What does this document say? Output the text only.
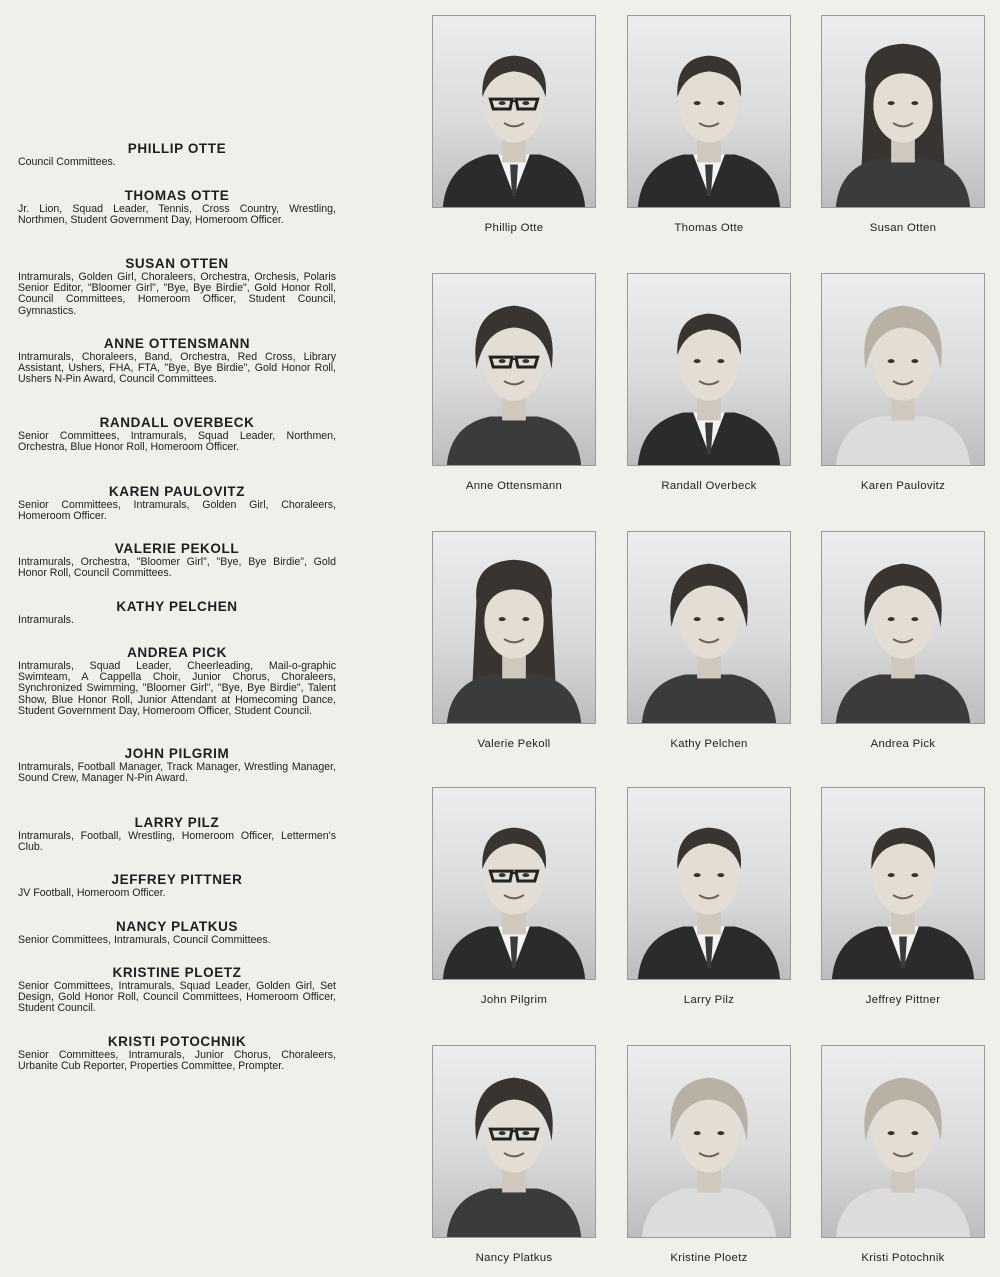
PHILLIP OTTE
Council Committees.
THOMAS OTTE
Jr. Lion, Squad Leader, Tennis, Cross Country, Wrestling, Northmen, Student Government Day, Homeroom Officer.
SUSAN OTTEN
Intramurals, Golden Girl, Choraleers, Orchestra, Orchesis, Polaris Senior Editor, "Bloomer Girl", "Bye, Bye Birdie", Gold Honor Roll, Council Committees, Homeroom Officer, Student Council, Gymnastics.
ANNE OTTENSMANN
Intramurals, Choraleers, Band, Orchestra, Red Cross, Library Assistant, Ushers, FHA, FTA, "Bye, Bye Birdie", Gold Honor Roll, Ushers N-Pin Award, Council Committees.
RANDALL OVERBECK
Senior Committees, Intramurals, Squad Leader, Northmen, Orchestra, Blue Honor Roll, Homeroom Officer.
KAREN PAULOVITZ
Senior Committees, Intramurals, Golden Girl, Choraleers, Homeroom Officer.
VALERIE PEKOLL
Intramurals, Orchestra, "Bloomer Girl", "Bye, Bye Birdie", Gold Honor Roll, Council Committees.
KATHY PELCHEN
Intramurals.
ANDREA PICK
Intramurals, Squad Leader, Cheerleading, Mail-o-graphic Swimteam, A Cappella Choir, Junior Chorus, Choraleers, Synchronized Swimming, "Bloomer Girl", "Bye, Bye Birdie", Talent Show, Blue Honor Roll, Junior Attendant at Homecoming Dance, Student Government Day, Homeroom Officer, Student Council.
JOHN PILGRIM
Intramurals, Football Manager, Track Manager, Wrestling Manager, Sound Crew, Manager N-Pin Award.
LARRY PILZ
Intramurals, Football, Wrestling, Homeroom Officer, Lettermen's Club.
JEFFREY PITTNER
JV Football, Homeroom Officer.
NANCY PLATKUS
Senior Committees, Intramurals, Council Committees.
KRISTINE PLOETZ
Senior Committees, Intramurals, Squad Leader, Golden Girl, Set Design, Gold Honor Roll, Council Committees, Homeroom Officer, Student Council.
KRISTI POTOCHNIK
Senior Committees, Intramurals, Junior Chorus, Choraleers, Urbanite Cub Reporter, Properties Committee, Prompter.
Phillip Otte	Thomas Otte	Susan Otten
Anne Ottensmann	Randall Overbeck	Karen Paulovitz
Valerie Pekoll	Kathy Pelchen	Andrea Pick
John Pilgrim	Larry Pilz	Jeffrey Pittner
Nancy Platkus	Kristine Ploetz	Kristi Potochnik
